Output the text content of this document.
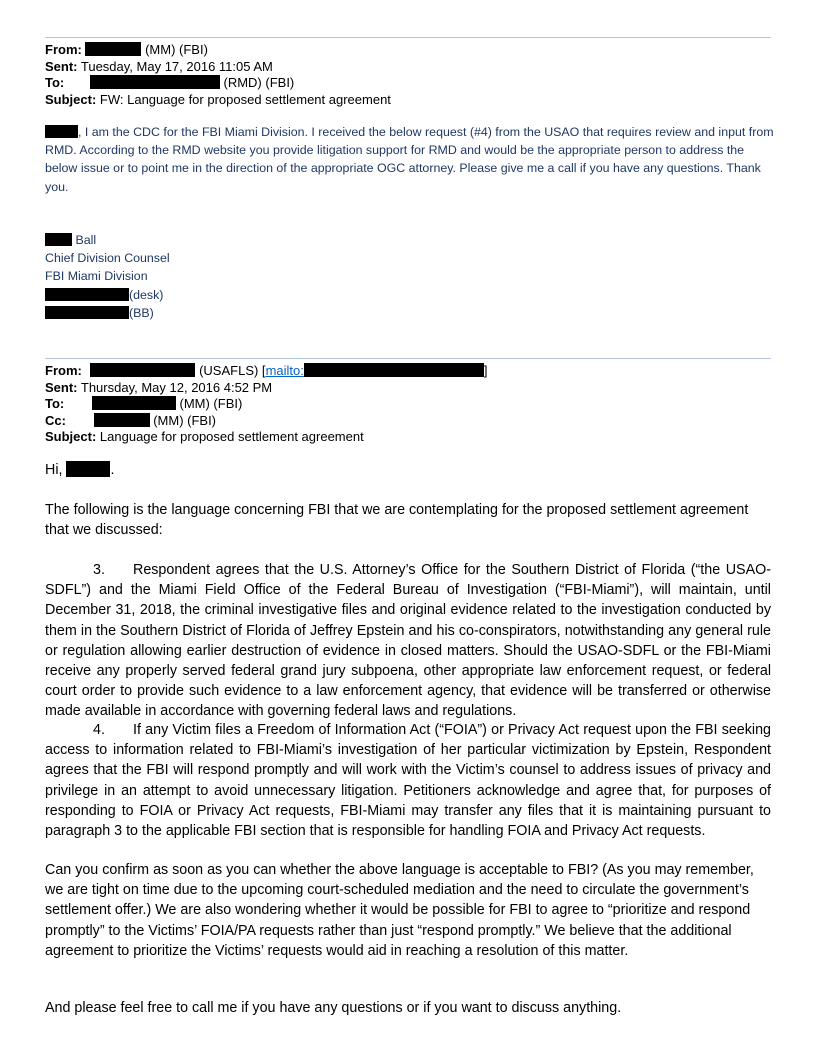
From:	(MM) (FBI)
Sent: Tuesday, May 17, 2016 11:05 AM
To:	(RMD) (FBI)
Subject: FW: Language for proposed settlement agreement
, I am the CDC for the FBI Miami Division. I received the below request (#4) from the USAO that requires review and input from RMD. According to the RMD website you provide litigation support for RMD and would be the appropriate person to address the below issue or to point me in the direction of the appropriate OGC attorney. Please give me a call if you have any questions. Thank you.
Ball
Chief Division Counsel
FBI Miami Division
(desk)
(BB)
From:	(USAFLS) [mailto:	]
Sent: Thursday, May 12, 2016 4:52 PM
To:	(MM) (FBI)
Cc:	(MM) (FBI)
Subject: Language for proposed settlement agreement
Hi,	.
The following is the language concerning FBI that we are contemplating for the proposed settlement agreement that we discussed:
3. Respondent agrees that the U.S. Attorney’s Office for the Southern District of Florida (“the USAO-SDFL”) and the Miami Field Office of the Federal Bureau of Investigation (“FBI-Miami”), will maintain, until December 31, 2018, the criminal investigative files and original evidence related to the investigation conducted by them in the Southern District of Florida of Jeffrey Epstein and his co-conspirators, notwithstanding any general rule or regulation allowing earlier destruction of evidence in closed matters. Should the USAO-SDFL or the FBI-Miami receive any properly served federal grand jury subpoena, other appropriate law enforcement request, or federal court order to provide such evidence to a law enforcement agency, that evidence will be transferred or otherwise made available in accordance with governing federal laws and regulations.
4. If any Victim files a Freedom of Information Act (“FOIA”) or Privacy Act request upon the FBI seeking access to information related to FBI-Miami’s investigation of her particular victimization by Epstein, Respondent agrees that the FBI will respond promptly and will work with the Victim’s counsel to address issues of privacy and privilege in an attempt to avoid unnecessary litigation. Petitioners acknowledge and agree that, for purposes of responding to FOIA or Privacy Act requests, FBI-Miami may transfer any files that it is maintaining pursuant to paragraph 3 to the applicable FBI section that is responsible for handling FOIA and Privacy Act requests.
Can you confirm as soon as you can whether the above language is acceptable to FBI? (As you may remember, we are tight on time due to the upcoming court-scheduled mediation and the need to circulate the government’s settlement offer.) We are also wondering whether it would be possible for FBI to agree to “prioritize and respond promptly” to the Victims’ FOIA/PA requests rather than just “respond promptly.” We believe that the additional agreement to prioritize the Victims’ requests would aid in reaching a resolution of this matter.
And please feel free to call me if you have any questions or if you want to discuss anything.
